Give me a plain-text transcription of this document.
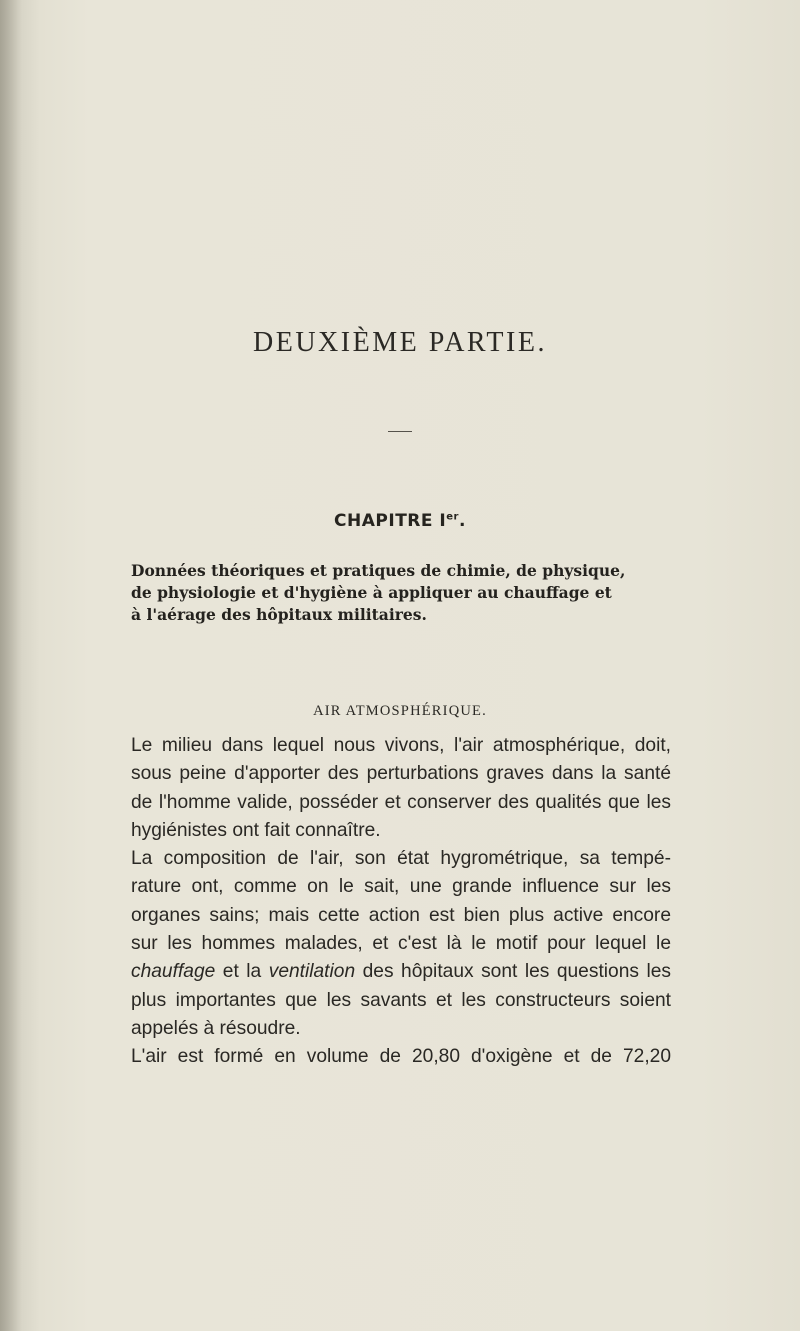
DEUXIÈME PARTIE.
CHAPITRE Ier.
Données théoriques et pratiques de chimie, de physique,
de physiologie et d'hygiène à appliquer au chauffage et
à l'aérage des hôpitaux militaires.
AIR ATMOSPHÉRIQUE.
Le milieu dans lequel nous vivons, l'air atmosphérique, doit,
sous peine d'apporter des perturbations graves dans la santé
de l'homme valide, posséder et conserver des qualités que les
hygiénistes ont fait connaître.
La composition de l'air, son état hygrométrique, sa tempé-
rature ont, comme on le sait, une grande influence sur les
organes sains; mais cette action est bien plus active encore
sur les hommes malades, et c'est là le motif pour lequel le
chauffage et la ventilation des hôpitaux sont les questions les
plus importantes que les savants et les constructeurs soient
appelés à résoudre.
L'air est formé en volume de 20,80 d'oxigène et de 72,20
